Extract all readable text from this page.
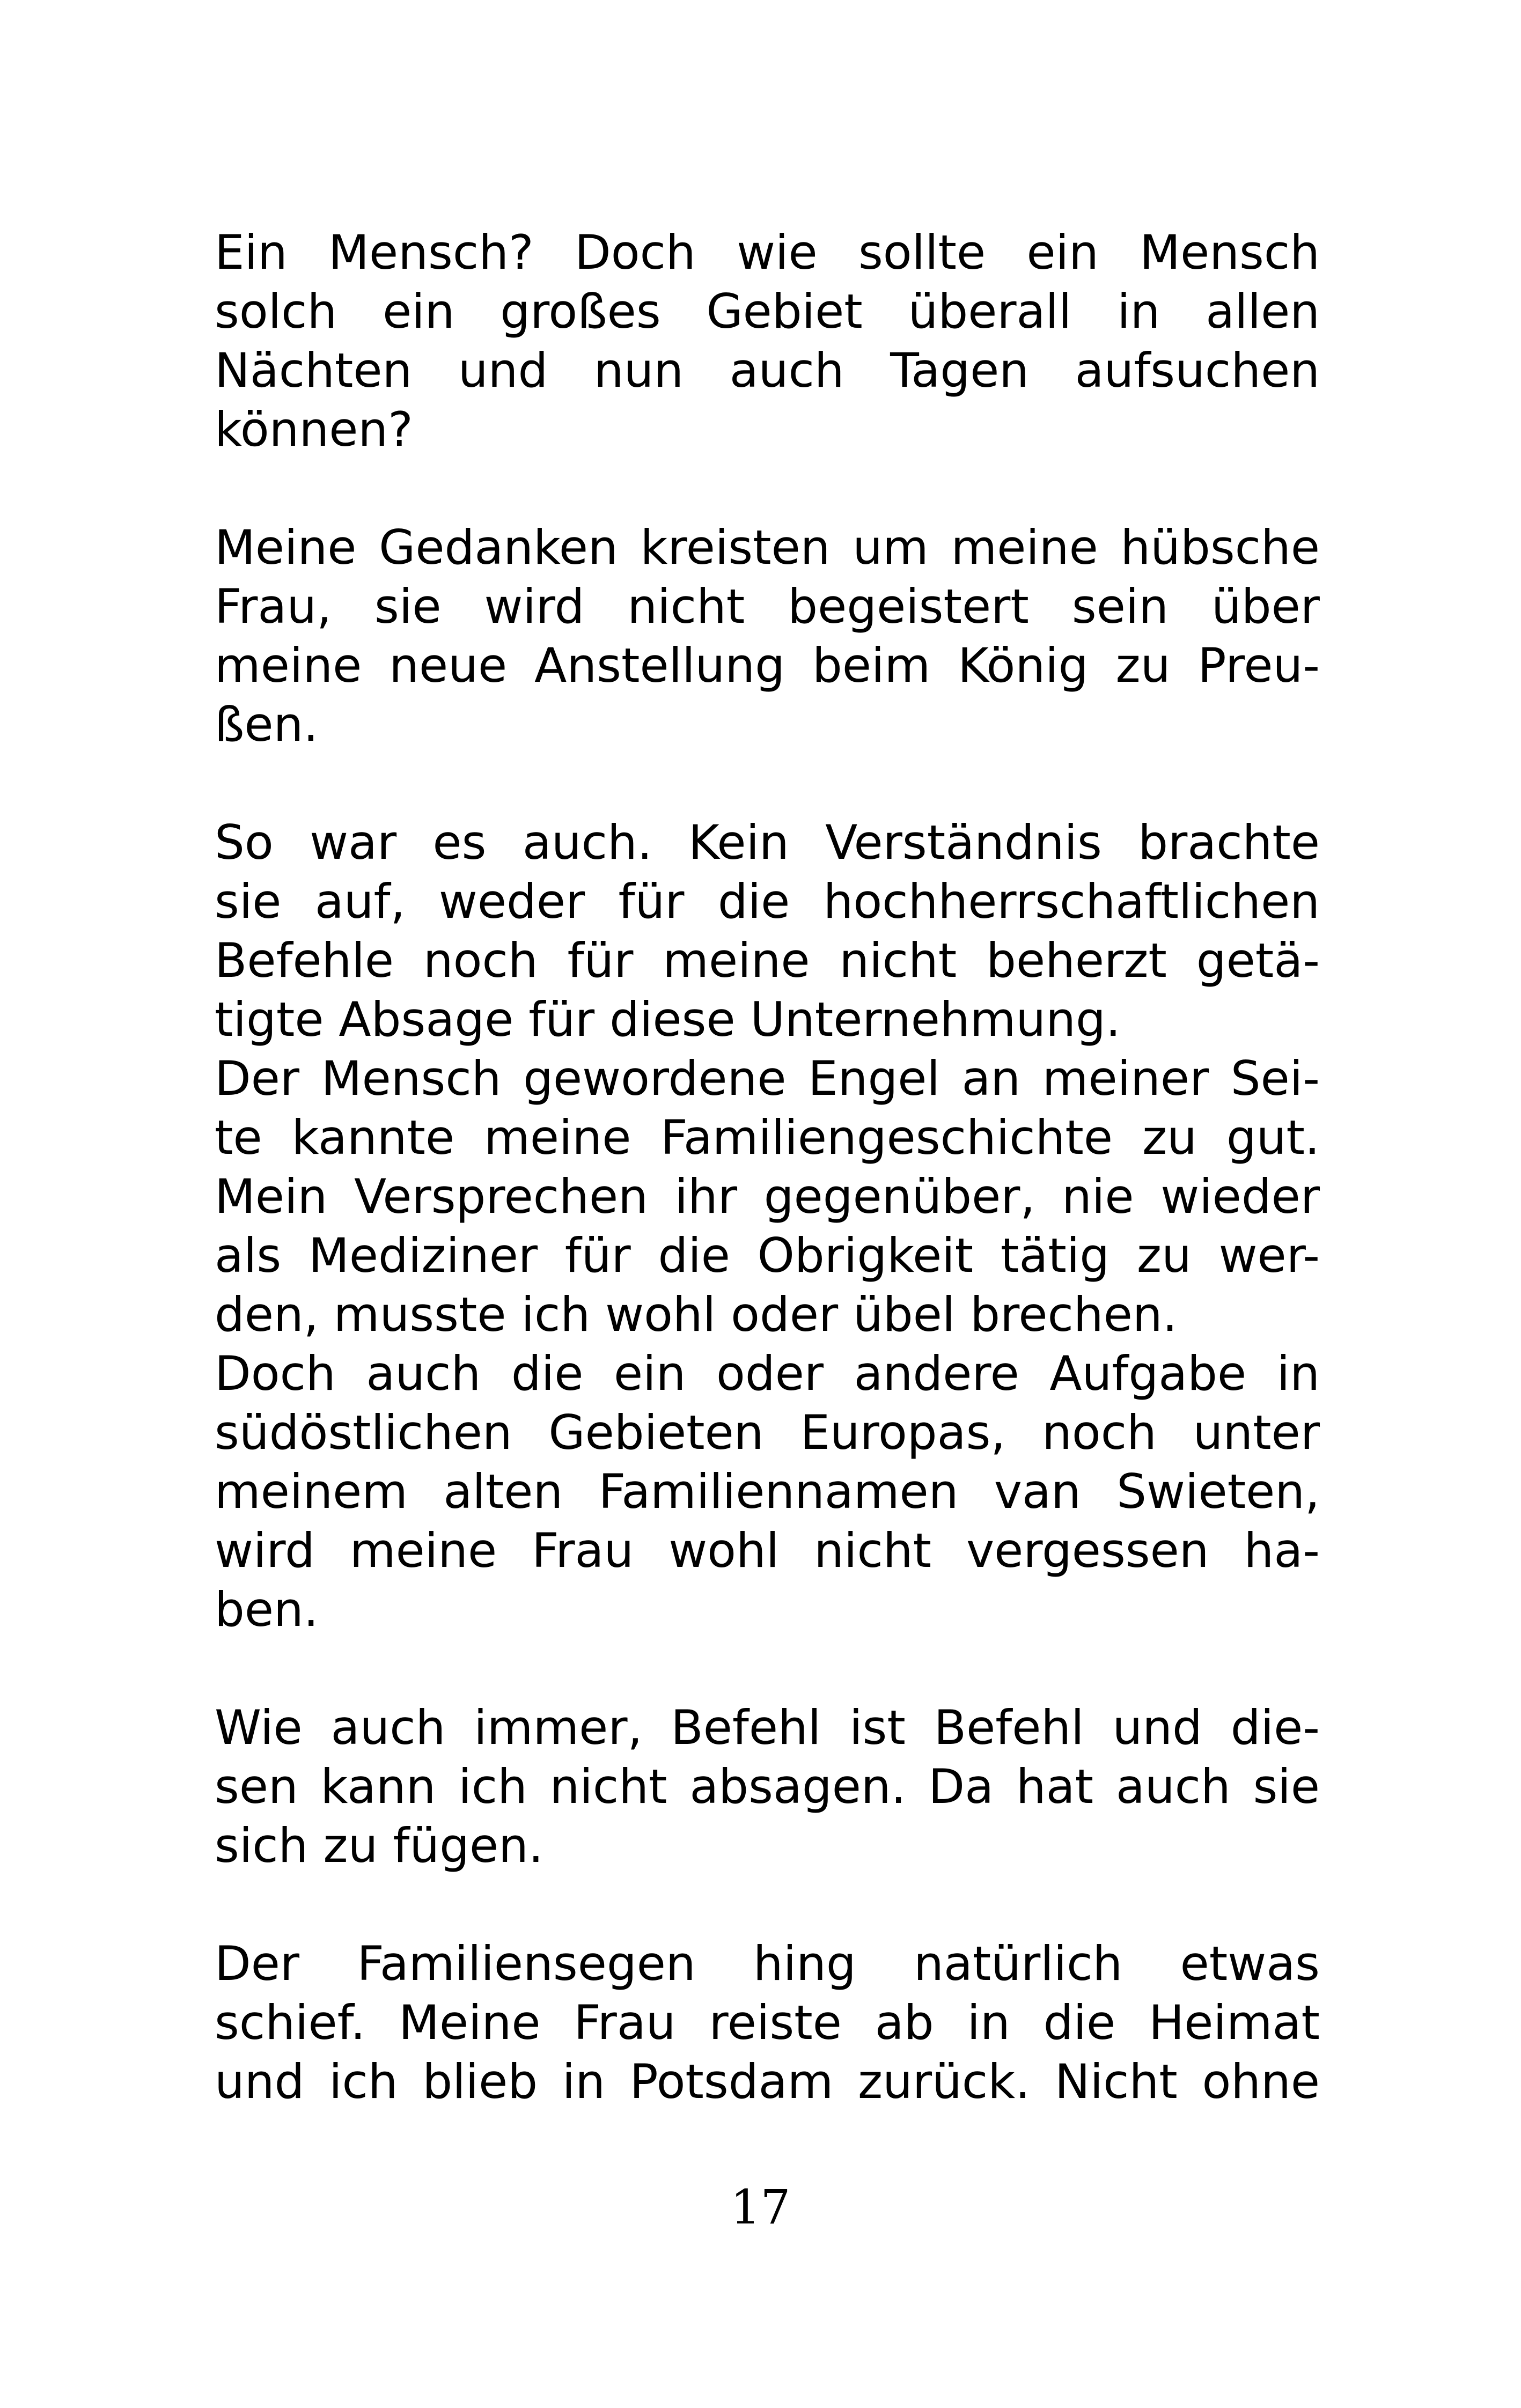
Ein Mensch? Doch wie sollte ein Mensch
solch ein großes Gebiet überall in allen
Nächten und nun auch Tagen aufsuchen
können?
Meine Gedanken kreisten um meine hübsche
Frau, sie wird nicht begeistert sein über
meine neue Anstellung beim König zu Preu-
ßen.
So war es auch. Kein Verständnis brachte
sie auf, weder für die hochherrschaftlichen
Befehle noch für meine nicht beherzt getä-
tigte Absage für diese Unternehmung.
Der Mensch gewordene Engel an meiner Sei-
te kannte meine Familiengeschichte zu gut.
Mein Versprechen ihr gegenüber, nie wieder
als Mediziner für die Obrigkeit tätig zu wer-
den, musste ich wohl oder übel brechen.
Doch auch die ein oder andere Aufgabe in
südöstlichen Gebieten Europas, noch unter
meinem alten Familiennamen van Swieten,
wird meine Frau wohl nicht vergessen ha-
ben.
Wie auch immer, Befehl ist Befehl und die-
sen kann ich nicht absagen. Da hat auch sie
sich zu fügen.
Der Familiensegen hing natürlich etwas
schief. Meine Frau reiste ab in die Heimat
und ich blieb in Potsdam zurück. Nicht ohne
17
